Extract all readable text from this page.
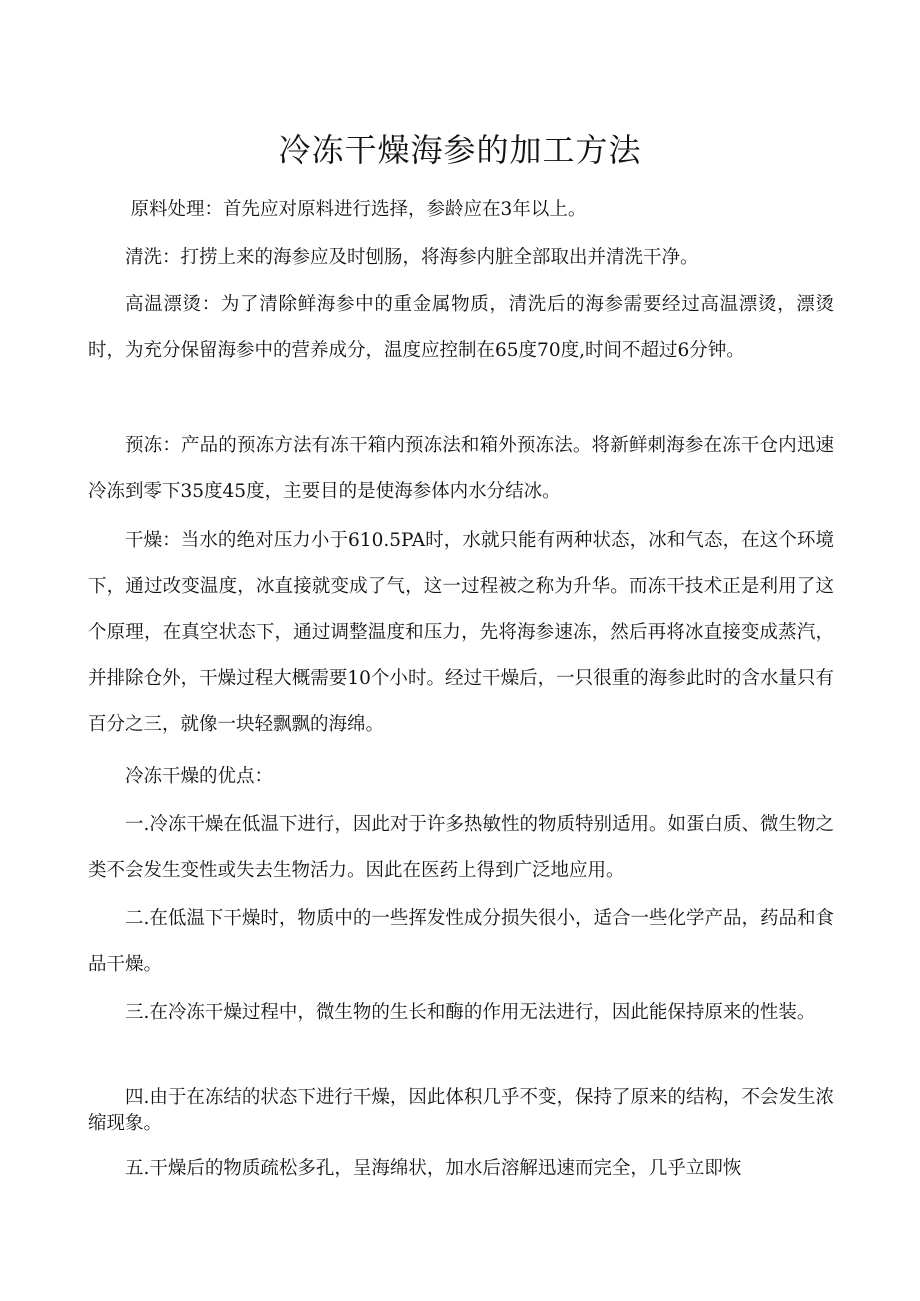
冷冻干燥海参的加工方法

原料处理：首先应对原料进行选择，参龄应在3年以上。

清洗：打捞上来的海参应及时刨肠，将海参内脏全部取出并清洗干净。

高温漂烫：为了清除鲜海参中的重金属物质，清洗后的海参需要经过高温漂烫，漂烫时，为充分保留海参中的营养成分，温度应控制在65度70度,时间不超过6分钟。

预冻：产品的预冻方法有冻干箱内预冻法和箱外预冻法。将新鲜刺海参在冻干仓内迅速冷冻到零下35度45度，主要目的是使海参体内水分结冰。

干燥：当水的绝对压力小于610.5PA时，水就只能有两种状态，冰和气态，在这个环境下，通过改变温度，冰直接就变成了气，这一过程被之称为升华。而冻干技术正是利用了这个原理，在真空状态下，通过调整温度和压力，先将海参速冻，然后再将冰直接变成蒸汽，并排除仓外，干燥过程大概需要10个小时。经过干燥后，一只很重的海参此时的含水量只有百分之三，就像一块轻飘飘的海绵。

冷冻干燥的优点：

一.冷冻干燥在低温下进行，因此对于许多热敏性的物质特别适用。如蛋白质、微生物之类不会发生变性或失去生物活力。因此在医药上得到广泛地应用。

二.在低温下干燥时，物质中的一些挥发性成分损失很小，适合一些化学产品，药品和食品干燥。

三.在冷冻干燥过程中，微生物的生长和酶的作用无法进行，因此能保持原来的性装。

四.由于在冻结的状态下进行干燥，因此体积几乎不变，保持了原来的结构，不会发生浓缩现象。

五.干燥后的物质疏松多孔，呈海绵状，加水后溶解迅速而完全，几乎立即恢
